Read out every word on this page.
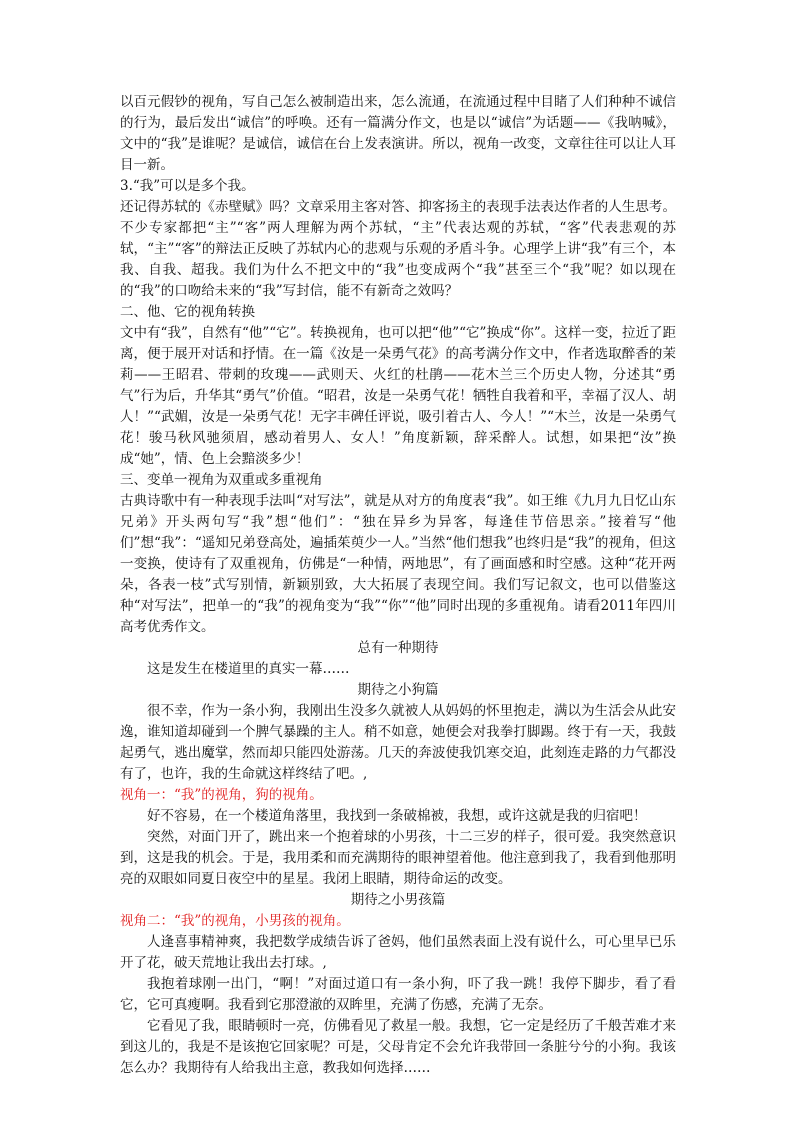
以百元假钞的视角，写自己怎么被制造出来，怎么流通，在流通过程中目睹了人们种种不诚信的行为，最后发出“诚信”的呼唤。还有一篇满分作文，也是以“诚信”为话题——《我呐喊》，文中的“我”是谁呢？是诚信，诚信在台上发表演讲。所以，视角一改变，文章往往可以让人耳目一新。

3.“我”可以是多个我。

还记得苏轼的《赤壁赋》吗？文章采用主客对答、抑客扬主的表现手法表达作者的人生思考。不少专家都把“主”“客”两人理解为两个苏轼，“主”代表达观的苏轼，“客”代表悲观的苏轼，“主”“客”的辩法正反映了苏轼内心的悲观与乐观的矛盾斗争。心理学上讲“我”有三个，本我、自我、超我。我们为什么不把文中的“我”也变成两个“我”甚至三个“我”呢？如以现在的“我”的口吻给未来的“我”写封信，能不有新奇之效吗？

二、他、它的视角转换

文中有“我”，自然有“他”“它”。转换视角，也可以把“他”“它”换成“你”。这样一变，拉近了距离，便于展开对话和抒情。在一篇《汝是一朵勇气花》的高考满分作文中，作者选取醉香的茉莉——王昭君、带刺的玫瑰——武则天、火红的杜鹃——花木兰三个历史人物，分述其“勇气”行为后，升华其“勇气”价值。“昭君，汝是一朵勇气花！牺牲自我着和平，幸福了汉人、胡人！”“武媚，汝是一朵勇气花！无字丰碑任评说，吸引着古人、今人！”“木兰，汝是一朵勇气花！骏马秋风驰须眉，感动着男人、女人！”角度新颖，辞采醉人。试想，如果把“汝”换成“她”，情、色上会黯淡多少！

三、变单一视角为双重或多重视角

古典诗歌中有一种表现手法叫“对写法”，就是从对方的角度表“我”。如王维《九月九日忆山东兄弟》开头两句写“我”想“他们”：“独在异乡为异客，每逢佳节倍思亲。”接着写“他们”想“我”：“遥知兄弟登高处，遍插茱萸少一人。”当然“他们想我”也终归是“我”的视角，但这一变换，使诗有了双重视角，仿佛是“一种情，两地思”，有了画面感和时空感。这种“花开两朵，各表一枝”式写别情，新颖别致，大大拓展了表现空间。我们写记叙文，也可以借鉴这种“对写法”，把单一的“我”的视角变为“我”“你”“他”同时出现的多重视角。请看2011年四川高考优秀作文。

总有一种期待

这是发生在楼道里的真实一幕……

期待之小狗篇

很不幸，作为一条小狗，我刚出生没多久就被人从妈妈的怀里抱走，满以为生活会从此安逸，谁知道却碰到一个脾气暴躁的主人。稍不如意，她便会对我拳打脚踢。终于有一天，我鼓起勇气，逃出魔掌，然而却只能四处游荡。几天的奔波使我饥寒交迫，此刻连走路的力气都没有了，也许，我的生命就这样终结了吧。,

视角一：“我”的视角，狗的视角。

好不容易，在一个楼道角落里，我找到一条破棉被，我想，或许这就是我的归宿吧！

突然，对面门开了，跳出来一个抱着球的小男孩，十二三岁的样子，很可爱。我突然意识到，这是我的机会。于是，我用柔和而充满期待的眼神望着他。他注意到我了，我看到他那明亮的双眼如同夏日夜空中的星星。我闭上眼睛，期待命运的改变。

期待之小男孩篇

视角二：“我”的视角，小男孩的视角。

人逢喜事精神爽，我把数学成绩告诉了爸妈，他们虽然表面上没有说什么，可心里早已乐开了花，破天荒地让我出去打球。,

我抱着球刚一出门，“啊！”对面过道口有一条小狗，吓了我一跳！我停下脚步，看了看它，它可真瘦啊。我看到它那澄澈的双眸里，充满了伤感，充满了无奈。

它看见了我，眼睛顿时一亮，仿佛看见了救星一般。我想，它一定是经历了千般苦难才来到这儿的，我是不是该抱它回家呢？可是，父母肯定不会允许我带回一条脏兮兮的小狗。我该怎么办？我期待有人给我出主意，教我如何选择……
